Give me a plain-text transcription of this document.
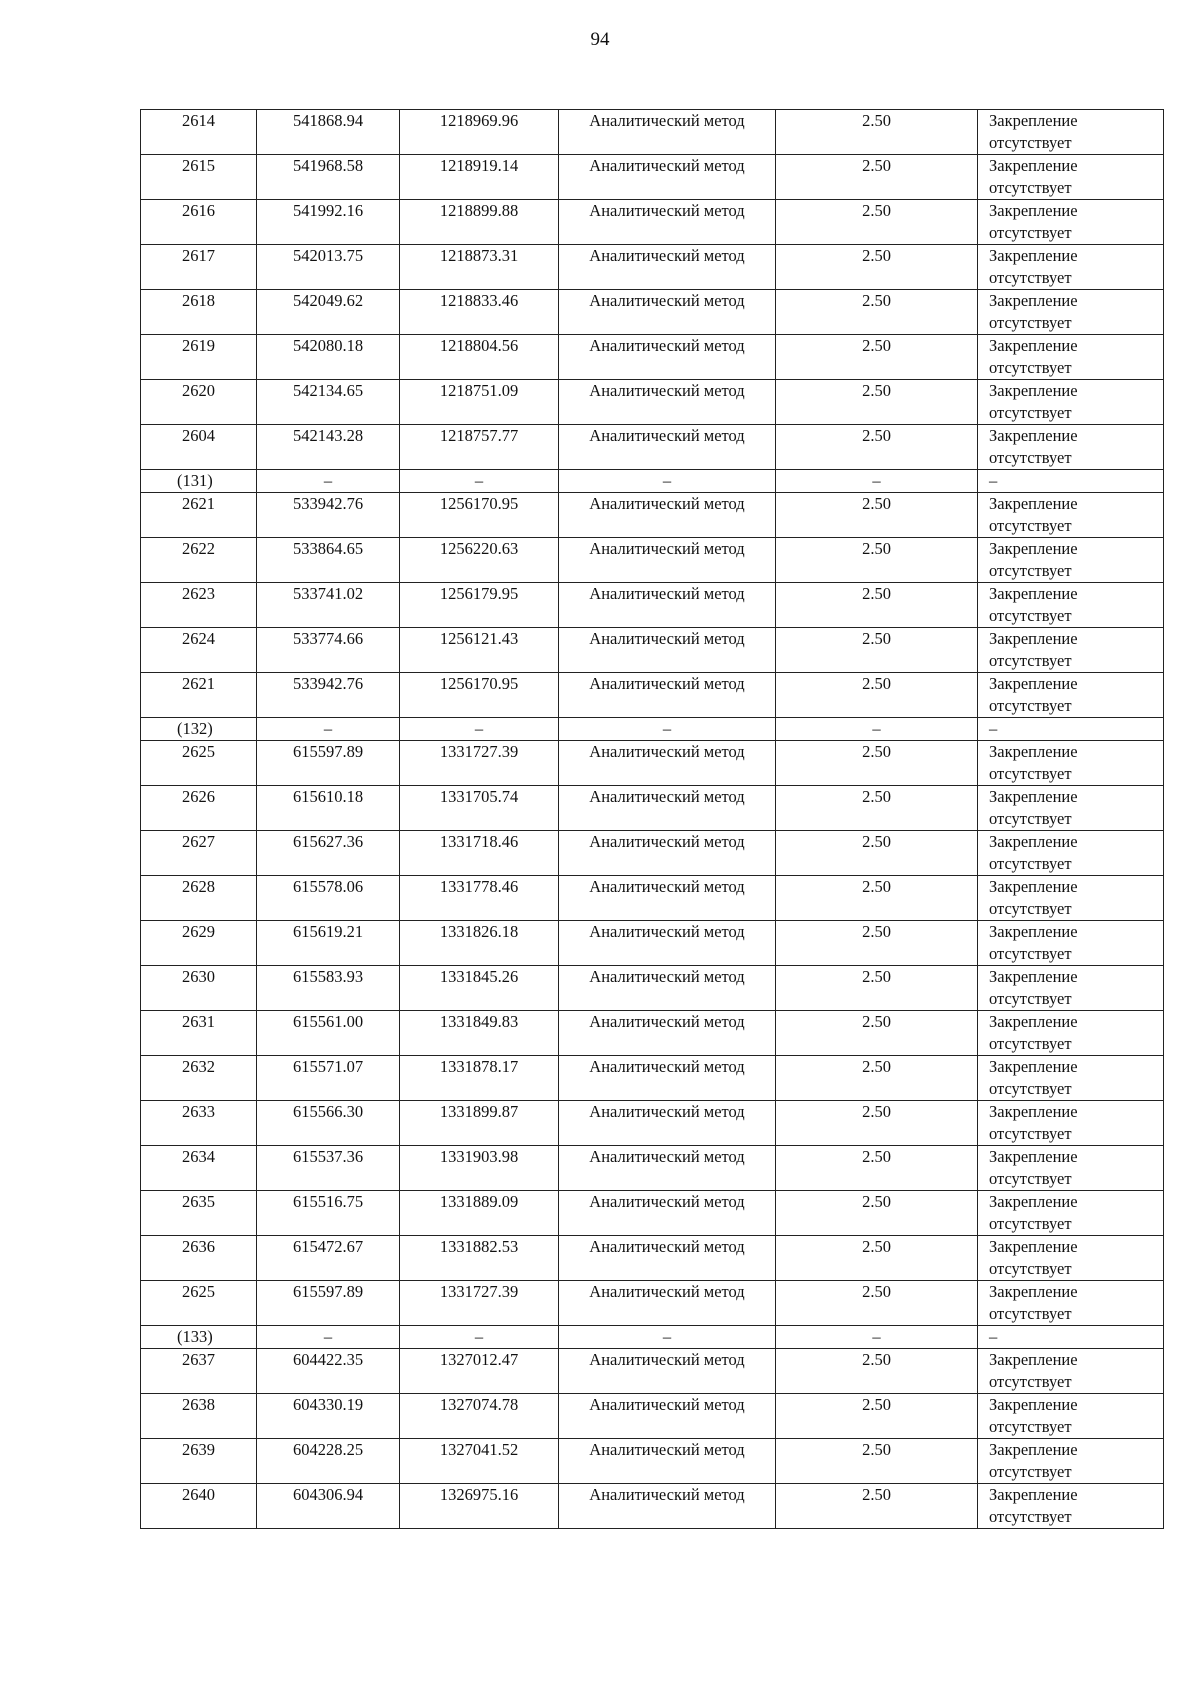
94
2614	541868.94	1218969.96	Аналитический метод	2.50	Закрепление отсутствует
2615	541968.58	1218919.14	Аналитический метод	2.50	Закрепление отсутствует
2616	541992.16	1218899.88	Аналитический метод	2.50	Закрепление отсутствует
2617	542013.75	1218873.31	Аналитический метод	2.50	Закрепление отсутствует
2618	542049.62	1218833.46	Аналитический метод	2.50	Закрепление отсутствует
2619	542080.18	1218804.56	Аналитический метод	2.50	Закрепление отсутствует
2620	542134.65	1218751.09	Аналитический метод	2.50	Закрепление отсутствует
2604	542143.28	1218757.77	Аналитический метод	2.50	Закрепление отсутствует
(131)	–	–	–	–	–
2621	533942.76	1256170.95	Аналитический метод	2.50	Закрепление отсутствует
2622	533864.65	1256220.63	Аналитический метод	2.50	Закрепление отсутствует
2623	533741.02	1256179.95	Аналитический метод	2.50	Закрепление отсутствует
2624	533774.66	1256121.43	Аналитический метод	2.50	Закрепление отсутствует
2621	533942.76	1256170.95	Аналитический метод	2.50	Закрепление отсутствует
(132)	–	–	–	–	–
2625	615597.89	1331727.39	Аналитический метод	2.50	Закрепление отсутствует
2626	615610.18	1331705.74	Аналитический метод	2.50	Закрепление отсутствует
2627	615627.36	1331718.46	Аналитический метод	2.50	Закрепление отсутствует
2628	615578.06	1331778.46	Аналитический метод	2.50	Закрепление отсутствует
2629	615619.21	1331826.18	Аналитический метод	2.50	Закрепление отсутствует
2630	615583.93	1331845.26	Аналитический метод	2.50	Закрепление отсутствует
2631	615561.00	1331849.83	Аналитический метод	2.50	Закрепление отсутствует
2632	615571.07	1331878.17	Аналитический метод	2.50	Закрепление отсутствует
2633	615566.30	1331899.87	Аналитический метод	2.50	Закрепление отсутствует
2634	615537.36	1331903.98	Аналитический метод	2.50	Закрепление отсутствует
2635	615516.75	1331889.09	Аналитический метод	2.50	Закрепление отсутствует
2636	615472.67	1331882.53	Аналитический метод	2.50	Закрепление отсутствует
2625	615597.89	1331727.39	Аналитический метод	2.50	Закрепление отсутствует
(133)	–	–	–	–	–
2637	604422.35	1327012.47	Аналитический метод	2.50	Закрепление отсутствует
2638	604330.19	1327074.78	Аналитический метод	2.50	Закрепление отсутствует
2639	604228.25	1327041.52	Аналитический метод	2.50	Закрепление отсутствует
2640	604306.94	1326975.16	Аналитический метод	2.50	Закрепление отсутствует
